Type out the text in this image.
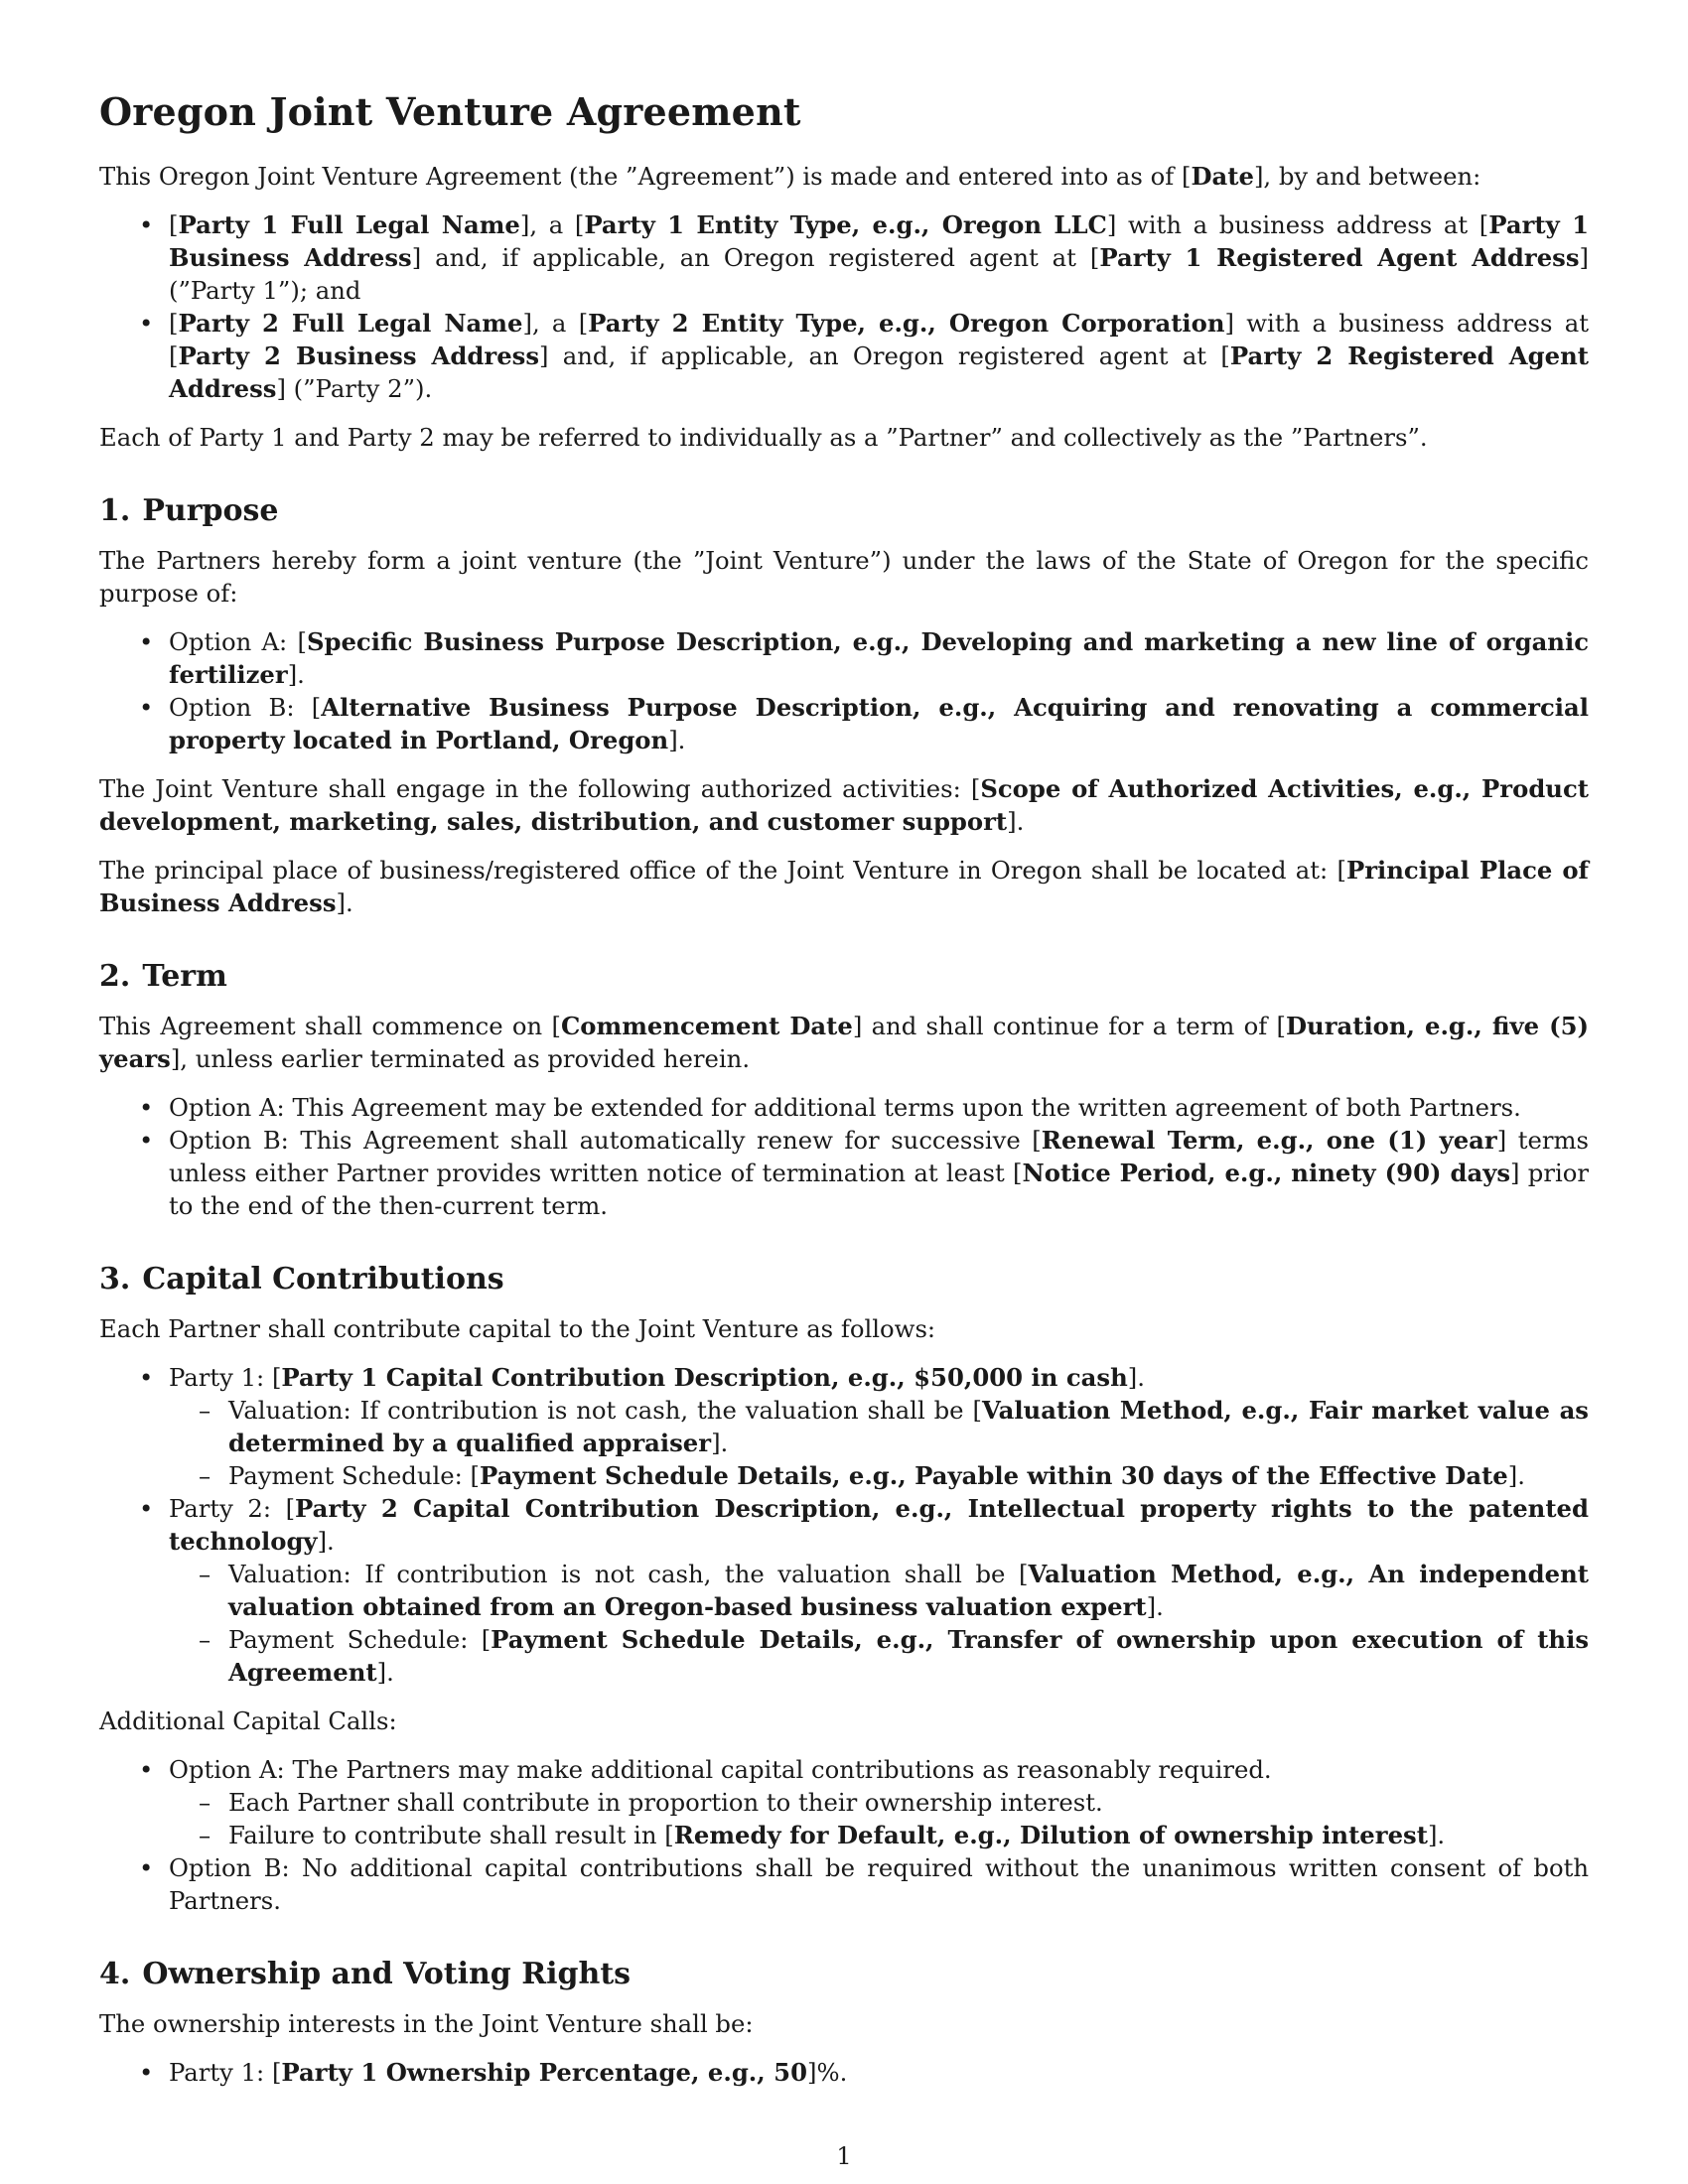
Oregon Joint Venture Agreement

This Oregon Joint Venture Agreement (the ”Agreement”) is made and entered into as of [Date], by and between:

• [Party 1 Full Legal Name], a [Party 1 Entity Type, e.g., Oregon LLC] with a business address at [Party 1 Business Address] and, if applicable, an Oregon registered agent at [Party 1 Registered Agent Address] (”Party 1”); and
• [Party 2 Full Legal Name], a [Party 2 Entity Type, e.g., Oregon Corporation] with a business address at [Party 2 Business Address] and, if applicable, an Oregon registered agent at [Party 2 Registered Agent Address] (”Party 2”).

Each of Party 1 and Party 2 may be referred to individually as a ”Partner” and collectively as the ”Partners”.

1. Purpose

The Partners hereby form a joint venture (the ”Joint Venture”) under the laws of the State of Oregon for the specific purpose of:

• Option A: [Specific Business Purpose Description, e.g., Developing and marketing a new line of organic fertilizer].
• Option B: [Alternative Business Purpose Description, e.g., Acquiring and renovating a commercial property located in Portland, Oregon].

The Joint Venture shall engage in the following authorized activities: [Scope of Authorized Activities, e.g., Product development, marketing, sales, distribution, and customer support].

The principal place of business/registered office of the Joint Venture in Oregon shall be located at: [Principal Place of Business Address].

2. Term

This Agreement shall commence on [Commencement Date] and shall continue for a term of [Duration, e.g., five (5) years], unless earlier terminated as provided herein.

• Option A: This Agreement may be extended for additional terms upon the written agreement of both Partners.
• Option B: This Agreement shall automatically renew for successive [Renewal Term, e.g., one (1) year] terms unless either Partner provides written notice of termination at least [Notice Period, e.g., ninety (90) days] prior to the end of the then-current term.
3. Capital Contributions

Each Partner shall contribute capital to the Joint Venture as follows:

• Party 1: [Party 1 Capital Contribution Description, e.g., $50,000 in cash].
– Valuation: If contribution is not cash, the valuation shall be [Valuation Method, e.g., Fair market value as determined by a qualified appraiser].
– Payment Schedule: [Payment Schedule Details, e.g., Payable within 30 days of the Effective Date].
• Party 2: [Party 2 Capital Contribution Description, e.g., Intellectual property rights to the patented technology].
– Valuation: If contribution is not cash, the valuation shall be [Valuation Method, e.g., An independent valuation obtained from an Oregon-based business valuation expert].
– Payment Schedule: [Payment Schedule Details, e.g., Transfer of ownership upon execution of this Agreement].

Additional Capital Calls:

• Option A: The Partners may make additional capital contributions as reasonably required.
– Each Partner shall contribute in proportion to their ownership interest.
– Failure to contribute shall result in [Remedy for Default, e.g., Dilution of ownership interest].
• Option B: No additional capital contributions shall be required without the unanimous written consent of both Partners.
4. Ownership and Voting Rights

The ownership interests in the Joint Venture shall be:

• Party 1: [Party 1 Ownership Percentage, e.g., 50]%.
1
